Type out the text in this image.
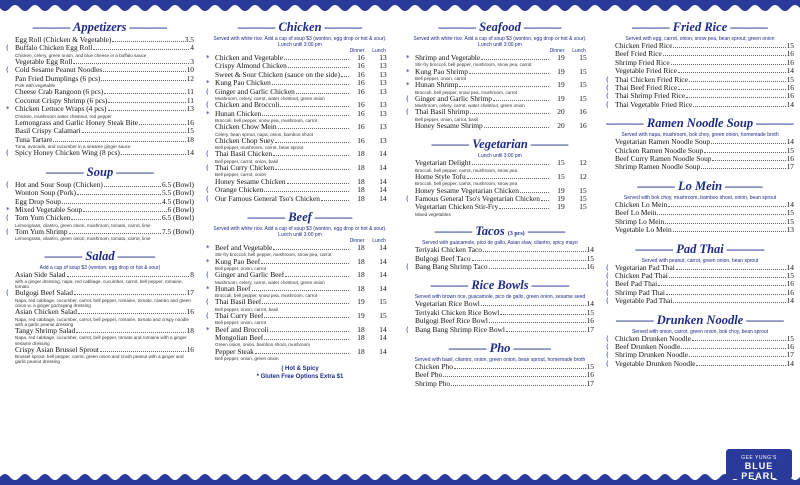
——— Appetizers ———
Egg Roll (Chicken & Vegetable)	3.5
( Buffalo Chicken Egg Roll	4
Chicken, celery, green onion, and blue cheese in a buffalo sauce
Vegetable Egg Roll	3
( Cold Sesame Peanut Noodles	10
Pan Fried Dumplings (6 pcs)	12
Pork with vegetable
Cheese Crab Rangoon (6 pcs)	11
Coconut Crispy Shrimp (6 pcs)	11
* Chicken Lettuce Wraps (4 pcs)	13
Chicken, mushroom water chestnut, red pepper
Lemongrass and Garlic Honey Steak Bite	16
Basil Crispy Calamari	15
Tuna Tartare	18
Tuna, avocado, and cucumber in a sesame ginger sauce
( Spicy Honey Chicken Wing (8 pcs)	14
——— Soup ———
( Hot and Sour Soup (Chicken)	6.5 (Bowl)
Wonton Soup (Pork)	5.5 (Bowl)
Egg Drop Soup	4.5 (Bowl)
* Mixed Vegetable Soup	6 (Bowl)
( Tom Yum Chicken	6.5 (Bowl)
Lemongrass, cilantro, green onion, mushroom, tomato, carrot, lime
( Tom Yum Shrimp	7.5 (Bowl)
Lemongrass, cilantro, green onion, mushroom, tomato, carrot, lime
——— Salad ———
Add a cup of soup $3 (wonton, egg drop or hot & sour)
Asian Side Salad	8
with a ginger dressing, napa, red cabbage, cucumber, carrot, bell pepper, romaine, tomato
( Bulgogi Beef Salad	17
Napa, red cabbage, cucumber, carrot, bell pepper, romaine, tomato, cilantro and green onion w. a ginger gochujang dressing
Asian Chicken Salad	16
Napa, red cabbage, cucumber, carrot, bell pepper, romaine, tomato and crispy noodle with a garlic peanut dressing
Tangy Shrimp Salad	18
Napa, red cabbage, cucumber, carrot, bell pepper, tomato and romaine with a ginger sesame dressing
Crispy Asian Brussel Sprout	16
Brussel sprout, bell pepper, carrot, green onion and crush peanut with a ginger and garlic peanut dressing
——— Chicken ———
Served with white rice. Add a cup of soup $3 (wonton, egg drop or hot & sour). Lunch until 3:00 pm
Dinner Lunch
* Chicken and Vegetable	16 13
Crispy Almond Chicken	16 13
Sweet & Sour Chicken (sauce on the side)	16 13
* Kung Pao Chicken	16 13
( Ginger and Garlic Chicken	16 13
Mushroom, celery, carrot, water chestnut, green onion
( Chicken and Broccoli	16 13
* Hunan Chicken	16 13
Broccoli, bell pepper, snow pea, mushroom, carrot
Chicken Chow Mein	16 13
Celery, bean sprout, napa, onion, bamboo shoot
Chicken Chop Suey	16 13
Bell pepper, mushroom, carrot, bean sprout
( Thai Basil Chicken	18 14
Bell pepper, carrot, onion, basil
( Thai Curry Chicken	18 14
Bell pepper, carrot, onion
Honey Sesame Chicken	18 14
( Orange Chicken	18 14
( Our Famous General Tso's Chicken	18 14
——— Beef ———
Served with white rice. Add a cup of soup $3 (wonton, egg drop or hot & sour). Lunch until 3:00 pm
Dinner Lunch
* Beef and Vegetable	18 14
Stir-fry broccoli, bell pepper, mushroom, snow pea, carrot
* Kung Pao Beef	18 14
Bell pepper, onion, carrot
( Ginger and Garlic Beef	18 14
Mushroom, celery, carrot, water chestnut, green onion
* Hunan Beef	18 14
Broccoli, bell pepper, snow pea, mushroom, carrot
( Thai Basil Beef	19 15
Bell pepper, onion, carrot, basil
( Thai Curry Beef	19 15
Bell pepper, onion, carrot
* Beef and Broccoli	18 14
Mongolian Beef	18 14
Green onion, onion, bamboo shoot, mushroom
Pepper Steak	18 14
Bell pepper, onion, green onion
( Hot & Spicy
* Gluten Free Options Extra $1
——— Seafood ———
Served with white rice. Add a cup of soup $3 (wonton, egg drop or hot & sour). Lunch until 3:00 pm
Dinner Lunch
* Shrimp and Vegetable	19 15
Stir-fry broccoli, bell pepper, mushroom, snow pea, carrot
* Kung Pao Shrimp	19 15
Bell pepper, onion, carrot
* Hunan Shrimp	19 15
Broccoli, bell pepper, snow pea, mushroom, carrot
( Ginger and Garlic Shrimp	19 15
Mushroom, celery, carrot, water chestnut, green onion
( Thai Basil Shrimp	20 16
Bell pepper, onion, carrot, basil
Honey Sesame Shrimp	20 16
——— Vegetarian ———
Lunch until 3:00 pm
Vegetarian Delight	15 12
Broccoli, bell pepper, carrot, mushroom, snow pea
Home Style Tofu	15 12
Broccoli, bell pepper, carrot, mushroom, snow pea
Honey Sesame Vegetarian Chicken	19 15
( Famous General Tso's Vegetarian Chicken	19 15
Vegetarian Chicken Stir-Fry	19 15
Mixed vegetables
——— Tacos (3 pcs) ———
Served with guacamole, pico de gallo, Asian slaw, cilantro, spicy mayo
Teriyaki Chicken Taco	14
Bulgogi Beef Taco	15
( Bang Bang Shrimp Taco	16
——— Rice Bowls ———
Served with brown rice, guacamole, pico de gallo, green onion, sesame seed
Vegetarian Rice Bowl	14
Teriyaki Chicken Rice Bowl	15
Bulgogi Beef Rice Bowl	16
( Bang Bang Shrimp Rice Bowl	17
——— Pho ———
Served with basil, cilantro, onion, green onion, bean sprout, homemade broth
Chicken Pho	15
Beef Pho	16
Shrimp Pho	17
——— Fried Rice ———
Served with egg, carrot, onion, snow pea, bean sprout, green onion
Chicken Fried Rice	15
Beef Fried Rice	16
Shrimp Fried Rice	16
Vegetable Fried Rice	14
( Thai Chicken Fried Rice	15
( Thai Beef Fried Rice	16
( Thai Shrimp Fried Rice	16
( Thai Vegetable Fried Rice	14
——— Ramen Noodle Soup ———
Served with napa, mushroom, bok choy, green onion, homemade broth
Vegetarian Ramen Noodle Soup	14
Chicken Ramen Noodle Soup	15
Beef Curry Ramen Noodle Soup	16
Shrimp Ramen Noodle Soup	17
——— Lo Mein ———
Served with bok choy, mushroom, bamboo shoot, onion, bean sprout
Chicken Lo Mein	14
Beef Lo Mein	15
Shrimp Lo Mein	15
Vegetable Lo Mein	13
——— Pad Thai ———
Served with peanut, carrot, green onion, bean sprout
( Vegetarian Pad Thai	14
( Chicken Pad Thai	15
( Beef Pad Thai	16
( Shrimp Pad Thai	16
( Vegetable Pad Thai	14
——— Drunken Noodle ———
Served with onion, carrot, green onion, bok choy, bean sprout
( Chicken Drunken Noodle	15
( Beef Drunken Noodle	16
( Shrimp Drunken Noodle	17
( Vegetable Drunken Noodle	14
GEE YUNG'S
BLUE PEARL
